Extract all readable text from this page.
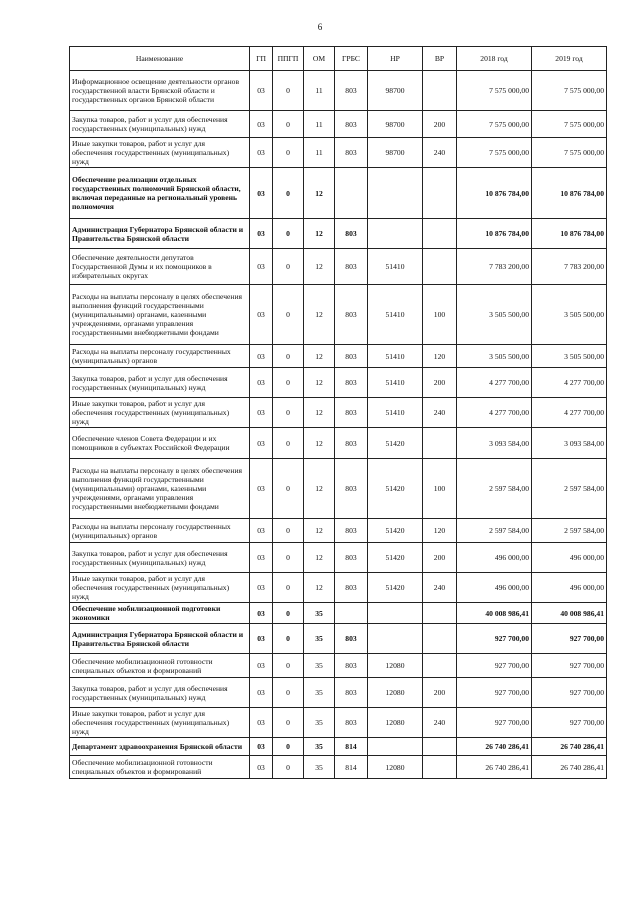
6
Наименование	ГП	ППГП	ОМ	ГРБС	НР	ВР	2018 год	2019 год
Информационное освещение деятельности органов государственной власти Брянской области и государственных органов Брянской области	03	0	11	803	98700		7 575 000,00	7 575 000,00
Закупка товаров, работ и услуг для обеспечения государственных (муниципальных) нужд	03	0	11	803	98700	200	7 575 000,00	7 575 000,00
Иные закупки товаров, работ и услуг для обеспечения государственных (муниципальных) нужд	03	0	11	803	98700	240	7 575 000,00	7 575 000,00
Обеспечение реализации отдельных государственных полномочий Брянской области, включая переданные на региональный уровень полномочия	03	0	12				10 876 784,00	10 876 784,00
Администрация Губернатора Брянской области и Правительства Брянской области	03	0	12	803			10 876 784,00	10 876 784,00
Обеспечение деятельности депутатов Государственной Думы и их помощников в избирательных округах	03	0	12	803	51410		7 783 200,00	7 783 200,00
Расходы на выплаты персоналу в целях обеспечения выполнения функций государственными (муниципальными) органами, казенными учреждениями, органами управления государственными внебюджетными фондами	03	0	12	803	51410	100	3 505 500,00	3 505 500,00
Расходы на выплаты персоналу государственных (муниципальных) органов	03	0	12	803	51410	120	3 505 500,00	3 505 500,00
Закупка товаров, работ и услуг для обеспечения государственных (муниципальных) нужд	03	0	12	803	51410	200	4 277 700,00	4 277 700,00
Иные закупки товаров, работ и услуг для обеспечения государственных (муниципальных) нужд	03	0	12	803	51410	240	4 277 700,00	4 277 700,00
Обеспечение членов Совета Федерации и их помощников в субъектах Российской Федерации	03	0	12	803	51420		3 093 584,00	3 093 584,00
Расходы на выплаты персоналу в целях обеспечения выполнения функций государственными (муниципальными) органами, казенными учреждениями, органами управления государственными внебюджетными фондами	03	0	12	803	51420	100	2 597 584,00	2 597 584,00
Расходы на выплаты персоналу государственных (муниципальных) органов	03	0	12	803	51420	120	2 597 584,00	2 597 584,00
Закупка товаров, работ и услуг для обеспечения государственных (муниципальных) нужд	03	0	12	803	51420	200	496 000,00	496 000,00
Иные закупки товаров, работ и услуг для обеспечения государственных (муниципальных) нужд	03	0	12	803	51420	240	496 000,00	496 000,00
Обеспечение мобилизационной подготовки экономики	03	0	35				40 008 986,41	40 008 986,41
Администрация Губернатора Брянской области и Правительства Брянской области	03	0	35	803			927 700,00	927 700,00
Обеспечение мобилизационной готовности специальных объектов и формирований	03	0	35	803	12080		927 700,00	927 700,00
Закупка товаров, работ и услуг для обеспечения государственных (муниципальных) нужд	03	0	35	803	12080	200	927 700,00	927 700,00
Иные закупки товаров, работ и услуг для обеспечения государственных (муниципальных) нужд	03	0	35	803	12080	240	927 700,00	927 700,00
Департамент здравоохранения Брянской области	03	0	35	814			26 740 286,41	26 740 286,41
Обеспечение мобилизационной готовности специальных объектов и формирований	03	0	35	814	12080		26 740 286,41	26 740 286,41
